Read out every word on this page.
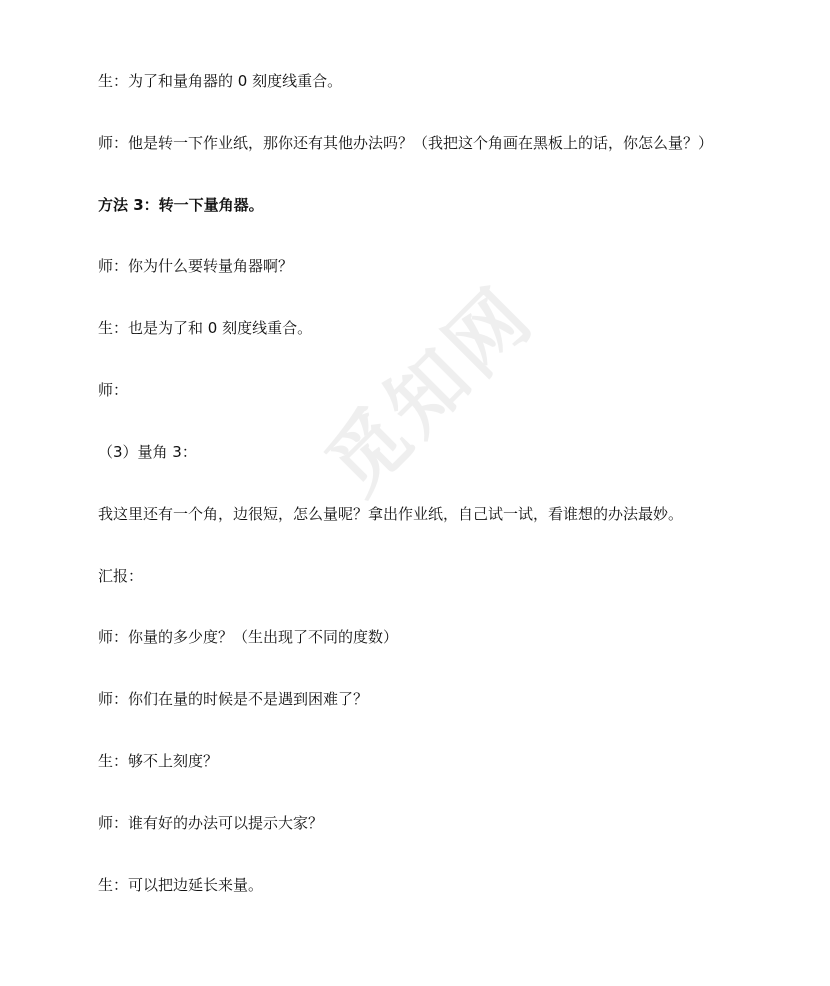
觅知网
生：为了和量角器的 0 刻度线重合。
师：他是转一下作业纸，那你还有其他办法吗？（我把这个角画在黑板上的话，你怎么量？）
方法 3：转一下量角器。
师：你为什么要转量角器啊？
生：也是为了和 0 刻度线重合。
师：
（3）量角 3：
我这里还有一个角，边很短，怎么量呢？拿出作业纸，自己试一试，看谁想的办法最妙。
汇报：
师：你量的多少度？（生出现了不同的度数）
师：你们在量的时候是不是遇到困难了？
生：够不上刻度？
师：谁有好的办法可以提示大家？
生：可以把边延长来量。
